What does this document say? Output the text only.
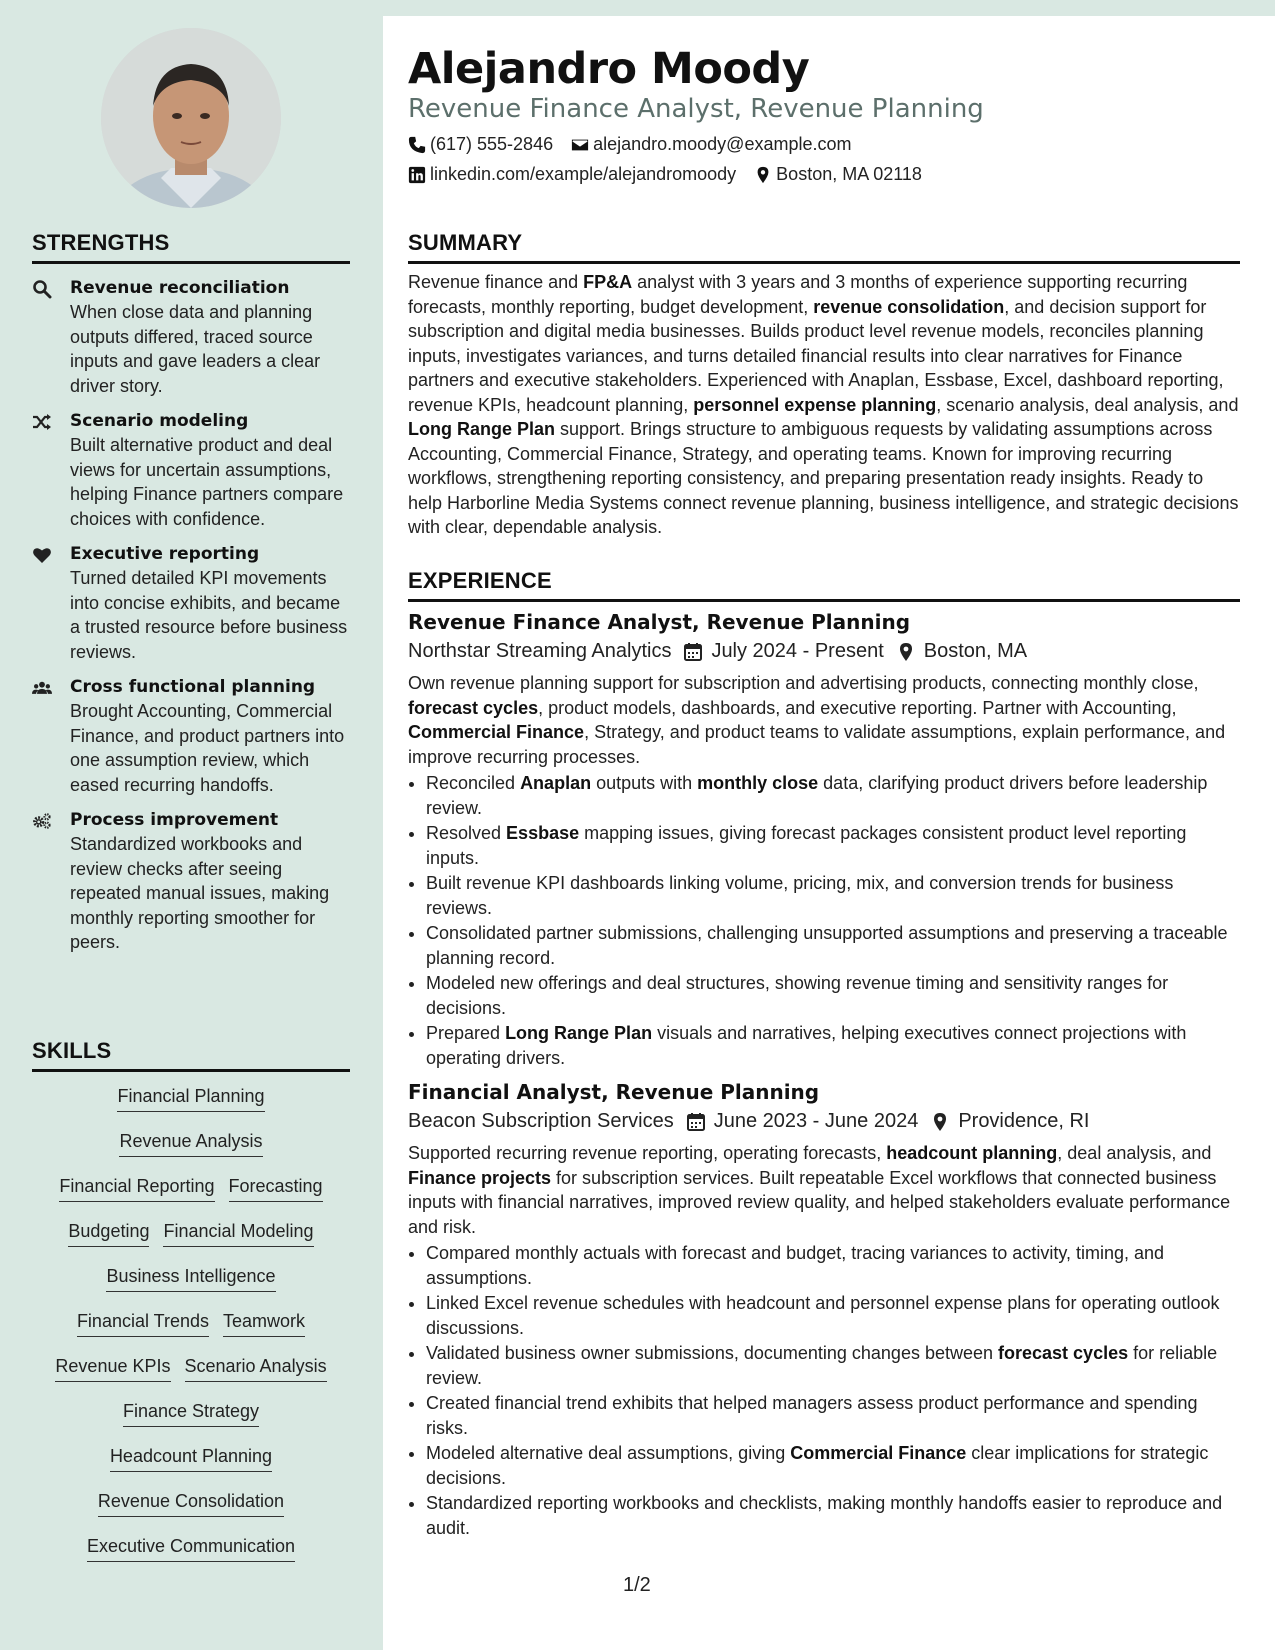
STRENGTHS
Revenue reconciliation
When close data and planning outputs differed, traced source inputs and gave leaders a clear driver story.
Scenario modeling
Built alternative product and deal views for uncertain assumptions, helping Finance partners compare choices with confidence.
Executive reporting
Turned detailed KPI movements into concise exhibits, and became a trusted resource before business reviews.
Cross functional planning
Brought Accounting, Commercial Finance, and product partners into one assumption review, which eased recurring handoffs.
Process improvement
Standardized workbooks and review checks after seeing repeated manual issues, making monthly reporting smoother for peers.
SKILLS
Financial Planning
Revenue Analysis
Financial Reporting Forecasting
Budgeting Financial Modeling
Business Intelligence
Financial Trends Teamwork
Revenue KPIs Scenario Analysis
Finance Strategy
Headcount Planning
Revenue Consolidation
Executive Communication
Alejandro Moody
Revenue Finance Analyst, Revenue Planning
(617) 555-2846 alejandro.moody@example.com
linkedin.com/example/alejandromoody Boston, MA 02118
SUMMARY

Revenue finance and FP&A analyst with 3 years and 3 months of experience supporting recurring forecasts, monthly reporting, budget development, revenue consolidation, and decision support for subscription and digital media businesses. Builds product level revenue models, reconciles planning inputs, investigates variances, and turns detailed financial results into clear narratives for Finance partners and executive stakeholders. Experienced with Anaplan, Essbase, Excel, dashboard reporting, revenue KPIs, headcount planning, personnel expense planning, scenario analysis, deal analysis, and Long Range Plan support. Brings structure to ambiguous requests by validating assumptions across Accounting, Commercial Finance, Strategy, and operating teams. Known for improving recurring workflows, strengthening reporting consistency, and preparing presentation ready insights. Ready to help Harborline Media Systems connect revenue planning, business intelligence, and strategic decisions with clear, dependable analysis.

EXPERIENCE
Revenue Finance Analyst, Revenue Planning
Northstar Streaming Analytics July 2024 - Present Boston, MA

Own revenue planning support for subscription and advertising products, connecting monthly close, forecast cycles, product models, dashboards, and executive reporting. Partner with Accounting, Commercial Finance, Strategy, and product teams to validate assumptions, explain performance, and improve recurring processes.

• Reconciled Anaplan outputs with monthly close data, clarifying product drivers before leadership review.
• Resolved Essbase mapping issues, giving forecast packages consistent product level reporting inputs.
• Built revenue KPI dashboards linking volume, pricing, mix, and conversion trends for business reviews.
• Consolidated partner submissions, challenging unsupported assumptions and preserving a traceable planning record.
• Modeled new offerings and deal structures, showing revenue timing and sensitivity ranges for decisions.
• Prepared Long Range Plan visuals and narratives, helping executives connect projections with operating drivers.
Financial Analyst, Revenue Planning
Beacon Subscription Services June 2023 - June 2024 Providence, RI

Supported recurring revenue reporting, operating forecasts, headcount planning, deal analysis, and Finance projects for subscription services. Built repeatable Excel workflows that connected business inputs with financial narratives, improved review quality, and helped stakeholders evaluate performance and risk.

• Compared monthly actuals with forecast and budget, tracing variances to activity, timing, and assumptions.
• Linked Excel revenue schedules with headcount and personnel expense plans for operating outlook discussions.
• Validated business owner submissions, documenting changes between forecast cycles for reliable review.
• Created financial trend exhibits that helped managers assess product performance and spending risks.
• Modeled alternative deal assumptions, giving Commercial Finance clear implications for strategic decisions.
• Standardized reporting workbooks and checklists, making monthly handoffs easier to reproduce and audit.
1/2
